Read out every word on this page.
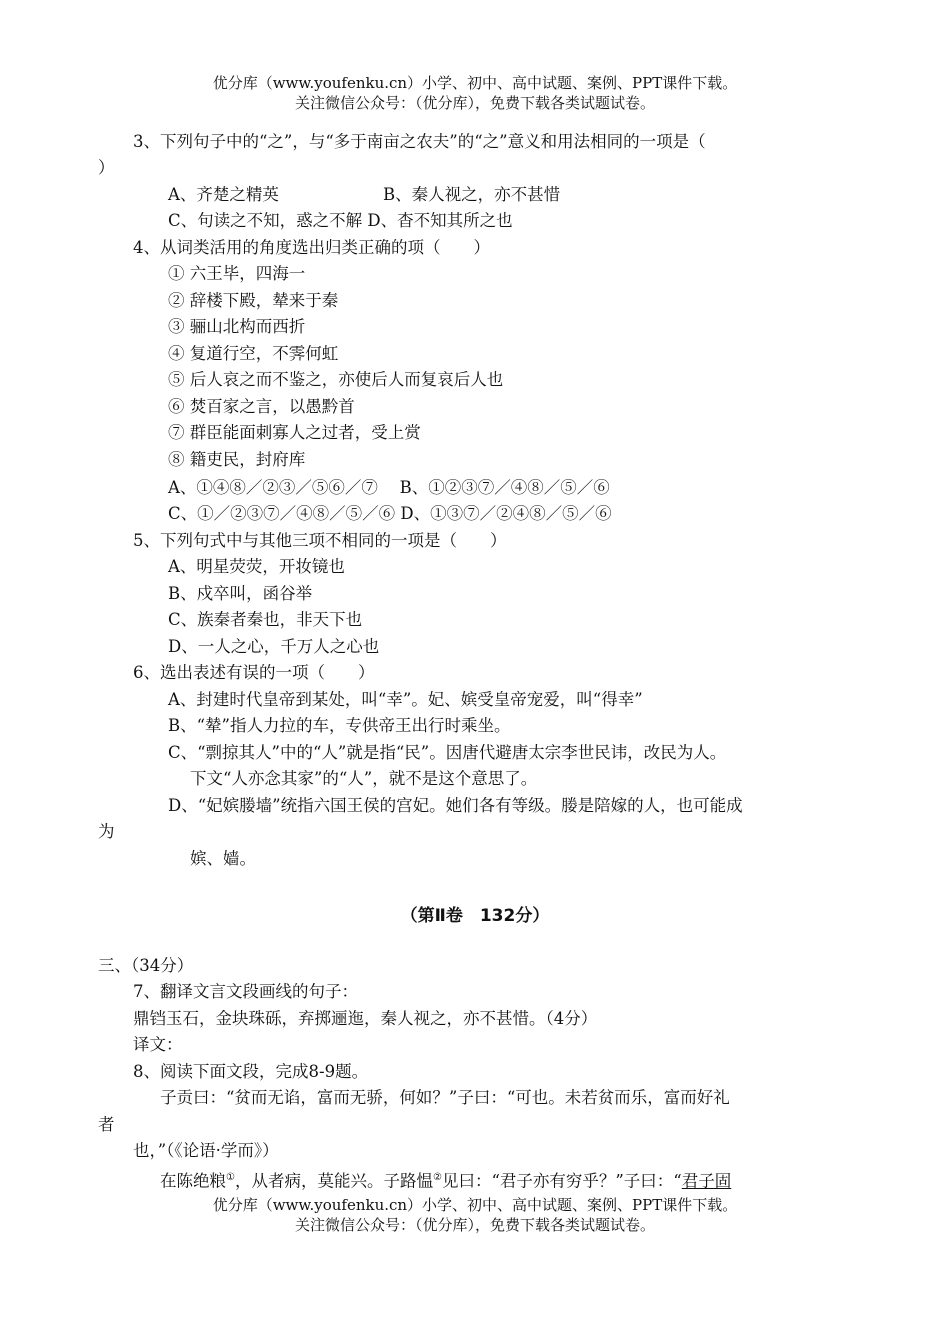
优分库（www.youfenku.cn）小学、初中、高中试题、案例、PPT课件下载。
关注微信公众号：（优分库），免费下载各类试题试卷。
3、下列句子中的“之”，与“多于南亩之农夫”的“之”意义和用法相同的一项是（
）
A、齐楚之精英	B、秦人视之，亦不甚惜
C、句读之不知，惑之不解 D、杳不知其所之也
4、从词类活用的角度选出归类正确的项（　　）
① 六王毕，四海一
② 辞楼下殿，辇来于秦
③ 骊山北构而西折
④ 复道行空，不霁何虹
⑤ 后人哀之而不鉴之，亦使后人而复哀后人也
⑥ 焚百家之言，以愚黔首
⑦ 群臣能面刺寡人之过者，受上赏
⑧ 籍吏民，封府库
A、①④⑧／②③／⑤⑥／⑦　 B、①②③⑦／④⑧／⑤／⑥
C、①／②③⑦／④⑧／⑤／⑥ D、①③⑦／②④⑧／⑤／⑥
5、下列句式中与其他三项不相同的一项是（　　）
A、明星荧荧，开妆镜也
B、戍卒叫，函谷举
C、族秦者秦也，非天下也
D、一人之心，千万人之心也
6、选出表述有误的一项（　　）
A、封建时代皇帝到某处，叫“幸”。妃、嫔受皇帝宠爱，叫“得幸”
B、“辇”指人力拉的车，专供帝王出行时乘坐。
C、“剽掠其人”中的“人”就是指“民”。因唐代避唐太宗李世民讳，改民为人。
下文“人亦念其家”的“人”，就不是这个意思了。
D、“妃嫔媵墙”统指六国王侯的宫妃。她们各有等级。媵是陪嫁的人，也可能成
为
嫔、嫱。
（第Ⅱ卷　132分）
三、（34分）
7、翻译文言文段画线的句子：
鼎铛玉石，金块珠砾，弃掷逦迤，秦人视之，亦不甚惜。（4分）
译文：
8、阅读下面文段，完成8-9题。
子贡曰：“贫而无谄，富而无骄，何如？”子曰：“可也。未若贫而乐，富而好礼
者
也，”（《论语·学而》）
在陈绝粮①，从者病，莫能兴。子路愠②见曰：“君子亦有穷乎？”子曰：“君子固
优分库（www.youfenku.cn）小学、初中、高中试题、案例、PPT课件下载。
关注微信公众号：（优分库），免费下载各类试题试卷。
